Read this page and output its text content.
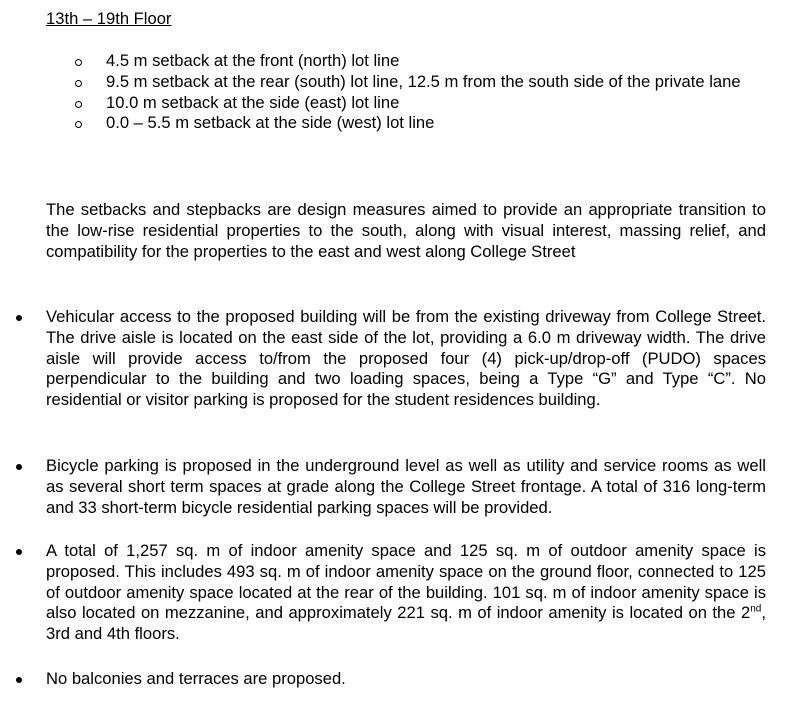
13th – 19th Floor
4.5 m setback at the front (north) lot line
9.5 m setback at the rear (south) lot line, 12.5 m from the south side of the private lane
10.0 m setback at the side (east) lot line
0.0 – 5.5 m setback at the side (west) lot line

The setbacks and stepbacks are design measures aimed to provide an appropriate transition to the low-rise residential properties to the south, along with visual interest, massing relief, and compatibility for the properties to the east and west along College Street

Vehicular access to the proposed building will be from the existing driveway from College Street. The drive aisle is located on the east side of the lot, providing a 6.0 m driveway width. The drive aisle will provide access to/from the proposed four (4) pick-up/drop-off (PUDO) spaces perpendicular to the building and two loading spaces, being a Type “G” and Type “C”. No residential or visitor parking is proposed for the student residences building.

Bicycle parking is proposed in the underground level as well as utility and service rooms as well as several short term spaces at grade along the College Street frontage. A total of 316 long-term and 33 short-term bicycle residential parking spaces will be provided.

A total of 1,257 sq. m of indoor amenity space and 125 sq. m of outdoor amenity space is proposed. This includes 493 sq. m of indoor amenity space on the ground floor, connected to 125 of outdoor amenity space located at the rear of the building. 101 sq. m of indoor amenity space is also located on mezzanine, and approximately 221 sq. m of indoor amenity is located on the 2nd, 3rd and 4th floors.

No balconies and terraces are proposed.
